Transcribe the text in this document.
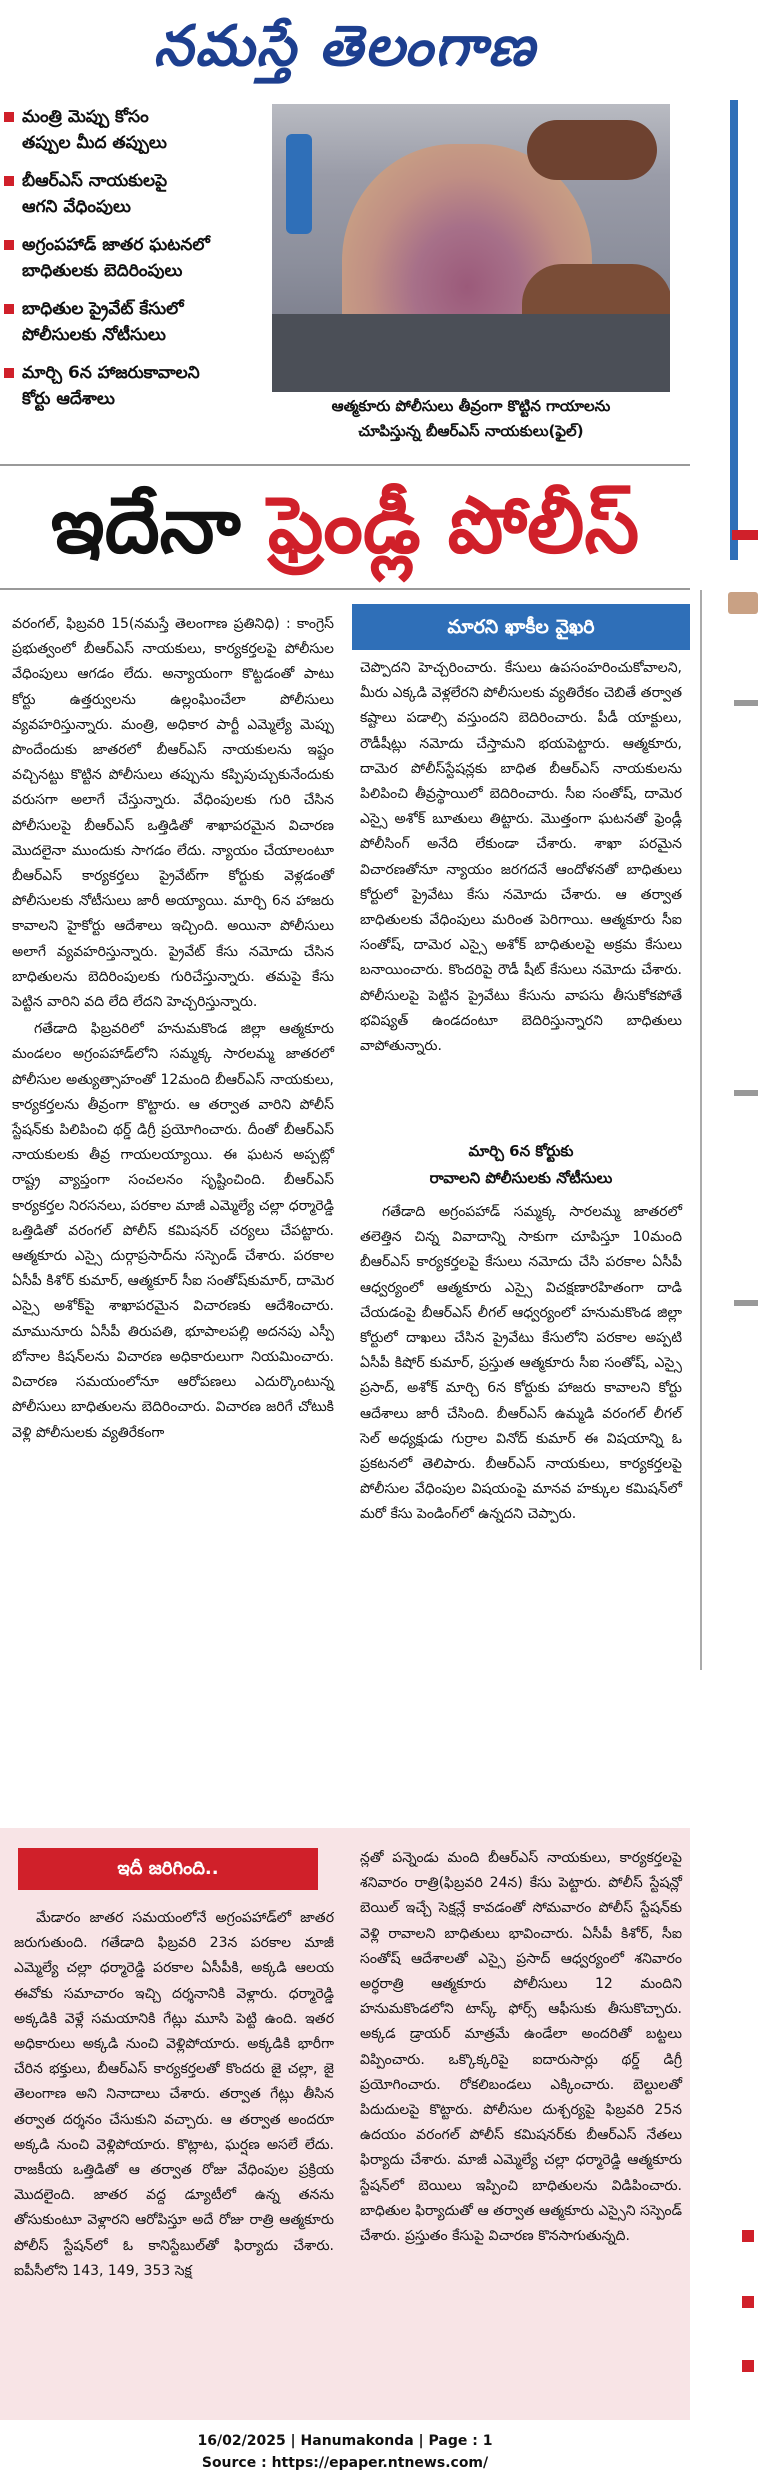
నమస్తే తెలంగాణ
మంత్రి మెప్పు కోసం
తప్పుల మీద తప్పులు
బీఆర్ఎస్ నాయకులపై
ఆగని వేధింపులు
అగ్రంపహాడ్ జాతర ఘటనలో
బాధితులకు బెదిరింపులు
బాధితుల ప్రైవేట్ కేసులో
పోలీసులకు నోటీసులు
మార్చి 6న హాజరుకావాలని
కోర్టు ఆదేశాలు	ఆత్మకూరు పోలీసులు తీవ్రంగా కొట్టిన గాయాలను
చూపిస్తున్న బీఆర్ఎస్ నాయకులు(ఫైల్)
ఇదేనా ఫ్రెండ్లీ పోలీస్

వరంగల్, ఫిబ్రవరి 15(నమస్తే తెలంగాణ ప్రతినిధి) : కాంగ్రెస్ ప్రభుత్వంలో బీఆర్ఎస్ నాయకులు, కార్యకర్తలపై పోలీసుల వేధింపులు ఆగడం లేదు. అన్యాయంగా కొట్టడంతో పాటు కోర్టు ఉత్తర్వులను ఉల్లంఘించేలా పోలీసులు వ్యవహరిస్తున్నారు. మంత్రి, అధికార పార్టీ ఎమ్మెల్యే మెప్పు పొందేందుకు జాతరలో బీఆర్ఎస్ నాయకులను ఇష్టం వచ్చినట్టు కొట్టిన పోలీసులు తప్పును కప్పిపుచ్చుకునేందుకు వరుసగా అలాగే చేస్తున్నారు. వేధింపులకు గురి చేసిన పోలీసులపై బీఆర్ఎస్ ఒత్తిడితో శాఖాపరమైన విచారణ మొదలైనా ముందుకు సాగడం లేదు. న్యాయం చేయాలంటూ బీఆర్ఎస్ కార్యకర్తలు ప్రైవేట్‌గా కోర్టుకు వెళ్లడంతో పోలీసులకు నోటీసులు జారీ అయ్యాయి. మార్చి 6న హాజరు కావాలని హైకోర్టు ఆదేశాలు ఇచ్చింది. అయినా పోలీసులు అలాగే వ్యవహరిస్తున్నారు. ప్రైవేట్ కేసు నమోదు చేసిన బాధితులను బెదిరింపులకు గురిచేస్తున్నారు. తమపై కేసు పెట్టిన వారిని వది లేది లేదని హెచ్చరిస్తున్నారు.

గతేడాది ఫిబ్రవరిలో హనుమకొండ జిల్లా ఆత్మకూరు మండలం అగ్రంపహాడ్‌లోని సమ్మక్క సారలమ్మ జాతరలో పోలీసుల అత్యుత్సాహంతో 12మంది బీఆర్ఎస్ నాయకులు, కార్యకర్తలను తీవ్రంగా కొట్టారు. ఆ తర్వాత వారిని పోలీస్ స్టేషన్‌కు పిలిపించి థర్డ్ డిగ్రీ ప్రయోగించారు. దీంతో బీఆర్ఎస్ నాయకులకు తీవ్ర గాయలయ్యాయి. ఈ ఘటన అప్పట్లో రాష్ట్ర వ్యాప్తంగా సంచలనం సృష్టించింది. బీఆర్ఎస్ కార్యకర్తల నిరసనలు, పరకాల మాజీ ఎమ్మెల్యే చల్లా ధర్మారెడ్డి ఒత్తిడితో వరంగల్ పోలీస్ కమిషనర్ చర్యలు చేపట్టారు. ఆత్మకూరు ఎస్సై దుర్గాప్రసాద్‌ను సస్పెండ్ చేశారు. పరకాల ఏసీపీ కిశోర్ కుమార్, ఆత్మకూర్ సీఐ సంతోష్‌కుమార్, దామెర ఎస్సై అశోక్‌పై శాఖాపరమైన విచారణకు ఆదేశించారు. మామునూరు ఏసీపీ తిరుపతి, భూపాలపల్లి అదనపు ఎస్పీ బోనాల కిషన్‌లను విచారణ అధికారులుగా నియమించారు. విచారణ సమయంలోనూ ఆరోపణలు ఎదుర్కొంటున్న పోలీసులు బాధితులను బెదిరించారు. విచారణ జరిగే చోటుకి వెళ్లి పోలీసులకు వ్యతిరేకంగా

మారని ఖాకీల వైఖరి

చెప్పొదని హెచ్చరించారు. కేసులు ఉపసంహరించుకోవాలని, మీరు ఎక్కడి వెళ్లలేరని పోలీసులకు వ్యతిరేకం చెబితే తర్వాత కష్టాలు పడాల్సి వస్తుందని బెదిరించారు. పీడీ యాక్టులు, రౌడీషీట్లు నమోదు చేస్తామని భయపెట్టారు. ఆత్మకూరు, దామెర పోలీస్‌స్టేషన్లకు బాధిత బీఆర్ఎస్ నాయకులను పిలిపించి తీవ్రస్థాయిలో బెదిరించారు. సీఐ సంతోష్, దామెర ఎస్సై అశోక్ బూతులు తిట్టారు. మొత్తంగా ఘటనతో ఫ్రెండ్లీ పోలీసింగ్ అనేది లేకుండా చేశారు. శాఖా పరమైన విచారణతోనూ న్యాయం జరగదనే ఆందోళనతో బాధితులు కోర్టులో ప్రైవేటు కేసు నమోదు చేశారు. ఆ తర్వాత బాధితులకు వేధింపులు మరింత పెరిగాయి. ఆత్మకూరు సీఐ సంతోష్, దామెర ఎస్సై అశోక్ బాధితులపై అక్రమ కేసులు బనాయించారు. కొందరిపై రౌడీ షీట్ కేసులు నమోదు చేశారు. పోలీసులపై పెట్టిన ప్రైవేటు కేసును వాపసు తీసుకోకపోతే భవిష్యత్ ఉండదంటూ బెదిరిస్తున్నారని బాధితులు వాపోతున్నారు.

మార్చి 6న కోర్టుకు
రావాలని పోలీసులకు నోటీసులు

గతేడాది అగ్రంపహాడ్ సమ్మక్క సారలమ్మ జాతరలో తలెత్తిన చిన్న వివాదాన్ని సాకుగా చూపిస్తూ 10మంది బీఆర్ఎస్ కార్యకర్తలపై కేసులు నమోదు చేసి పరకాల ఏసీపీ ఆధ్వర్యంలో ఆత్మకూరు ఎస్సై విచక్షణారహితంగా దాడి చేయడంపై బీఆర్ఎస్ లీగల్ ఆధ్వర్యంలో హనుమకొండ జిల్లా కోర్టులో దాఖలు చేసిన ప్రైవేటు కేసులోని పరకాల అప్పటి ఏసీపీ కిషోర్ కుమార్, ప్రస్తుత ఆత్మకూరు సీఐ సంతోష్, ఎస్సై ప్రసాద్, అశోక్ మార్చి 6న కోర్టుకు హాజరు కావాలని కోర్టు ఆదేశాలు జారీ చేసింది. బీఆర్ఎస్ ఉమ్మడి వరంగల్ లీగల్ సెల్ అధ్యక్షుడు గుర్రాల వినోద్ కుమార్ ఈ విషయాన్ని ఓ ప్రకటనలో తెలిపారు. బీఆర్ఎస్ నాయకులు, కార్యకర్తలపై పోలీసుల వేధింపుల విషయంపై మానవ హక్కుల కమిషన్‌లో మరో కేసు పెండింగ్‌లో ఉన్నదని చెప్పారు.

ఇదీ జరిగింది..

మేడారం జాతర సమయంలోనే అగ్రంపహాడ్‌లో జాతర జరుగుతుంది. గతేడాది ఫిబ్రవరి 23న పరకాల మాజీ ఎమ్మెల్యే చల్లా ధర్మారెడ్డి పరకాల ఏసీపీకి, అక్కడి ఆలయ ఈవోకు సమాచారం ఇచ్చి దర్శనానికి వెళ్లారు. ధర్మారెడ్డి అక్కడికి వెళ్లే సమయానికి గేట్లు మూసి పెట్టి ఉంది. ఇతర అధికారులు అక్కడి నుంచి వెళ్లిపోయారు. అక్కడికి భారీగా చేరిన భక్తులు, బీఆర్ఎస్ కార్యకర్తలతో కొందరు జై చల్లా, జై తెలంగాణ అని నినాదాలు చేశారు. తర్వాత గేట్లు తీసిన తర్వాత దర్శనం చేసుకుని వచ్చారు. ఆ తర్వాత అందరూ అక్కడి నుంచి వెళ్లిపోయారు. కొట్లాట, ఘర్షణ అసలే లేదు. రాజకీయ ఒత్తిడితో ఆ తర్వాత రోజు వేధింపుల ప్రక్రియ మొదలైంది. జాతర వద్ద డ్యూటీలో ఉన్న తనను తోసుకుంటూ వెళ్లారని ఆరోపిస్తూ అదే రోజు రాత్రి ఆత్మకూరు పోలీస్ స్టేషన్‌లో ఓ కానిస్టేబుల్‌తో ఫిర్యాదు చేశారు. ఐపీసీలోని 143, 149, 353 సెక్ష

న్లతో పన్నెండు మంది బీఆర్ఎస్ నాయకులు, కార్యకర్తలపై శనివారం రాత్రి(ఫిబ్రవరి 24న) కేసు పెట్టారు. పోలీస్ స్టేషన్లో బెయిల్ ఇచ్చే సెక్షన్లే కావడంతో సోమవారం పోలీస్ స్టేషన్‌కు వెళ్లి రావాలని బాధితులు భావించారు. ఏసీపీ కిశోర్, సీఐ సంతోష్ ఆదేశాలతో ఎస్సై ప్రసాద్ ఆధ్వర్యంలో శనివారం అర్ధరాత్రి ఆత్మకూరు పోలీసులు 12 మందిని హనుమకొండలోని టాస్క్ ఫోర్స్ ఆఫీసుకు తీసుకొచ్చారు. అక్కడ డ్రాయర్ మాత్రమే ఉండేలా అందరితో బట్టలు విప్పించారు. ఒక్కొక్కరిపై ఐదారుసార్లు థర్డ్ డిగ్రీ ప్రయోగించారు. రోకలిబండలు ఎక్కించారు. బెల్టులతో పిదుదులపై కొట్టారు. పోలీసుల దుశ్చర్యపై ఫిబ్రవరి 25న ఉదయం వరంగల్ పోలీస్ కమిషనర్‌కు బీఆర్ఎస్ నేతలు ఫిర్యాదు చేశారు. మాజీ ఎమ్మెల్యే చల్లా ధర్మారెడ్డి ఆత్మకూరు స్టేషన్‌లో బెయిలు ఇప్పించి బాధితులను విడిపించారు. బాధితుల ఫిర్యాదుతో ఆ తర్వాత ఆత్మకూరు ఎస్సైని సస్పెండ్ చేశారు. ప్రస్తుతం కేసుపై విచారణ కొనసాగుతున్నది.

16/02/2025 | Hanumakonda | Page : 1
Source : https://epaper.ntnews.com/
